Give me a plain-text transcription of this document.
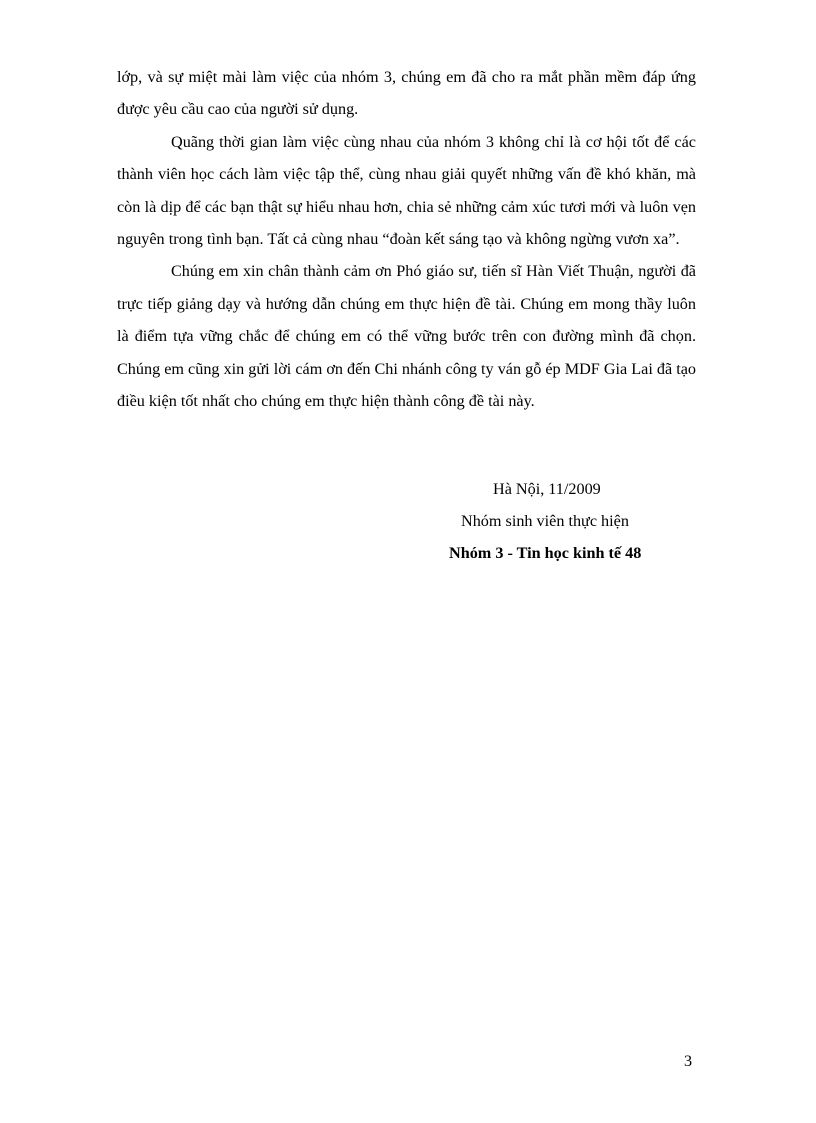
lớp, và sự miệt mài làm việc của nhóm 3, chúng em đã cho ra mắt phần mềm đáp ứng được yêu cầu cao của người sử dụng.

Quãng thời gian làm việc cùng nhau của nhóm 3 không chỉ là cơ hội tốt để các thành viên học cách làm việc tập thể, cùng nhau giải quyết những vấn đề khó khăn, mà còn là dịp để các bạn thật sự hiểu nhau hơn, chia sẻ những cảm xúc tươi mới và luôn vẹn nguyên trong tình bạn. Tất cả cùng nhau “đoàn kết sáng tạo và không ngừng vươn xa”.

Chúng em xin chân thành cảm ơn Phó giáo sư, tiến sĩ Hàn Viết Thuận, người đã trực tiếp giảng dạy và hướng dẫn chúng em thực hiện đề tài. Chúng em mong thầy luôn là điểm tựa vững chắc để chúng em có thể vững bước trên con đường mình đã chọn. Chúng em cũng xin gửi lời cám ơn đến Chi nhánh công ty ván gỗ ép MDF Gia Lai đã tạo điều kiện tốt nhất cho chúng em thực hiện thành công đề tài này.

Hà Nội, 11/2009
Nhóm sinh viên thực hiện
Nhóm 3 - Tin học kinh tế 48
3
